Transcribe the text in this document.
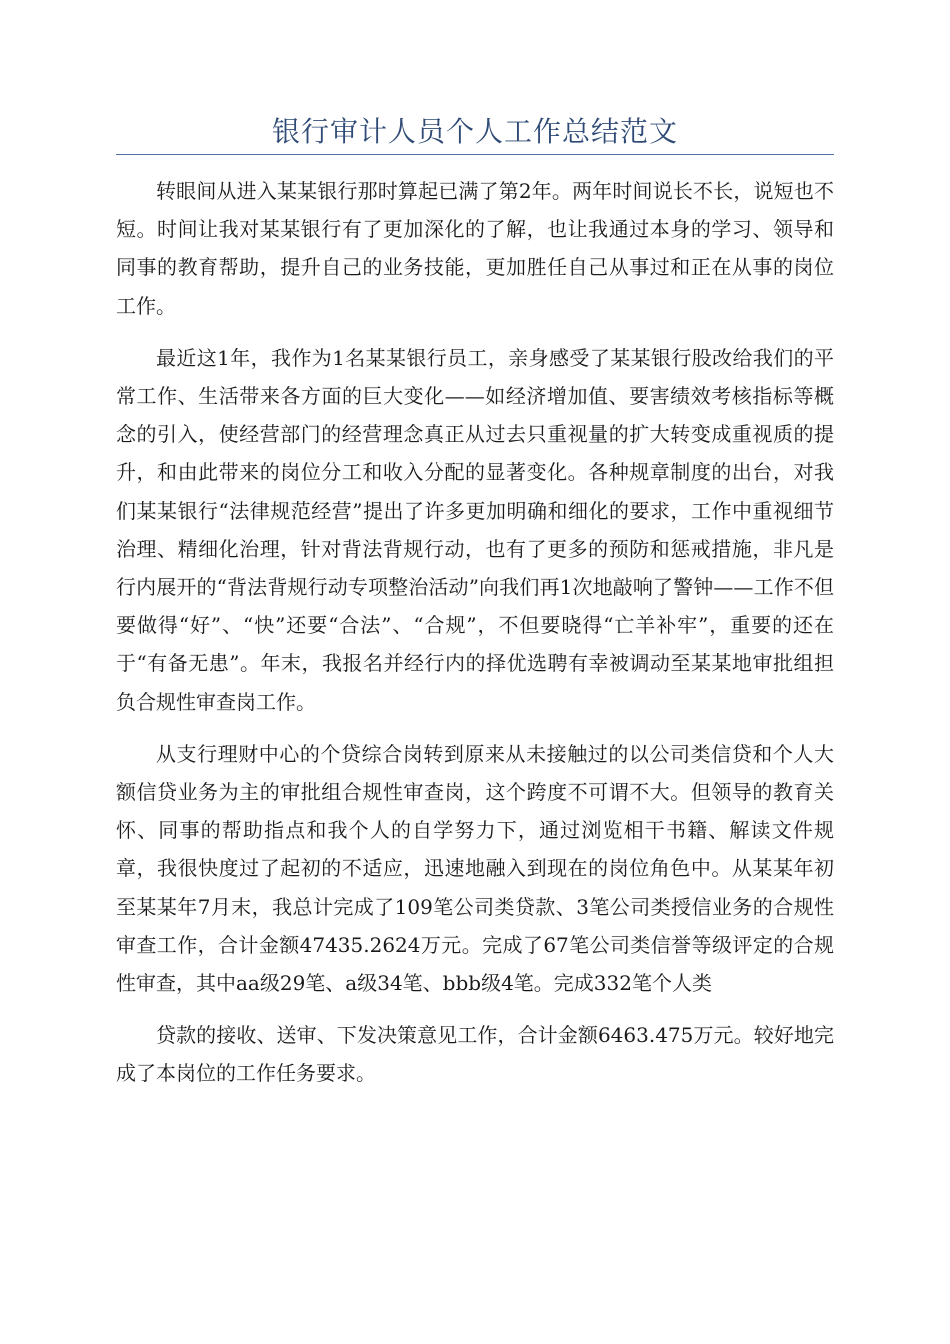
银行审计人员个人工作总结范文

转眼间从进入某某银行那时算起已满了第2年。两年时间说长不长，说短也不短。时间让我对某某银行有了更加深化的了解，也让我通过本身的学习、领导和同事的教育帮助，提升自己的业务技能，更加胜任自己从事过和正在从事的岗位工作。

最近这1年，我作为1名某某银行员工，亲身感受了某某银行股改给我们的平常工作、生活带来各方面的巨大变化——如经济增加值、要害绩效考核指标等概念的引入，使经营部门的经营理念真正从过去只重视量的扩大转变成重视质的提升，和由此带来的岗位分工和收入分配的显著变化。各种规章制度的出台，对我们某某银行“法律规范经营”提出了许多更加明确和细化的要求，工作中重视细节治理、精细化治理，针对背法背规行动，也有了更多的预防和惩戒措施，非凡是行内展开的“背法背规行动专项整治活动”向我们再1次地敲响了警钟——工作不但要做得“好”、“快”还要“合法”、“合规”，不但要晓得“亡羊补牢”，重要的还在于“有备无患”。年末，我报名并经行内的择优选聘有幸被调动至某某地审批组担负合规性审查岗工作。

从支行理财中心的个贷综合岗转到原来从未接触过的以公司类信贷和个人大额信贷业务为主的审批组合规性审查岗，这个跨度不可谓不大。但领导的教育关怀、同事的帮助指点和我个人的自学努力下，通过浏览相干书籍、解读文件规章，我很快度过了起初的不适应，迅速地融入到现在的岗位角色中。从某某年初至某某年7月末，我总计完成了109笔公司类贷款、3笔公司类授信业务的合规性审查工作，合计金额47435.2624万元。完成了67笔公司类信誉等级评定的合规性审查，其中aa级29笔、a级34笔、bbb级4笔。完成332笔个人类

贷款的接收、送审、下发决策意见工作，合计金额6463.475万元。较好地完成了本岗位的工作任务要求。
